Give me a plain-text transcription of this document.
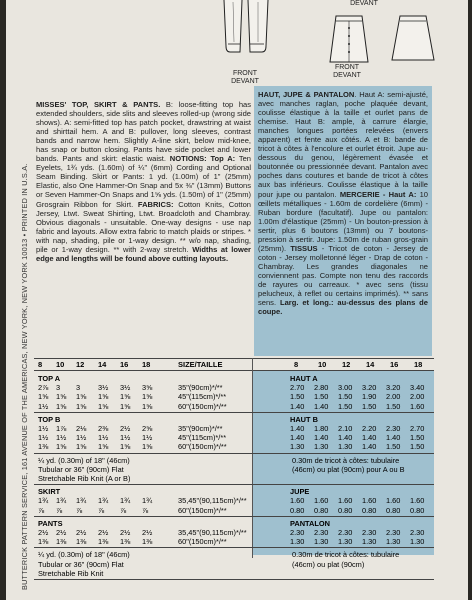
BUTTERICK PATTERN SERVICE, 161 AVENUE OF THE AMERICAS, NEW YORK, NEW YORK 10013 • PRINTED IN U.S.A.
FRONT
DEVANT
DEVANT
FRONT
DEVANT
MISSES' TOP, SKIRT & PANTS. B: loose-fitting top has extended shoulders, side slits and sleeves rolled-up (wrong side shows). A: semi-fitted top has patch pocket, drawstring at waist and shirttail hem. A and B: pullover, long sleeves, contrast bands and narrow hem. Slightly A-line skirt, below mid-knee, has snap or button closing. Pants have side pocket and lower bands. Pants and skirt: elastic waist. NOTIONS: Top A: Ten Eyelets, 1¾ yds. (1.60m) of ¼" (6mm) Cording and Optional Seam Binding. Skirt or Pants: 1 yd. (1.00m) of 1" (25mm) Elastic, also One Hammer-On Snap and 5x ⅜" (13mm) Buttons or Seven Hammer-On Snaps and 1⅝ yds. (1.50m) of 1" (25mm) Grosgrain Ribbon for Skirt. FABRICS: Cotton Knits, Cotton Jersey, Ltwt. Sweat Shirting, Ltwt. Broadcloth and Chambray. Obvious diagonals - unsuitable. One-way designs - use nap fabric and layouts. Allow extra fabric to match plaids or stripes. * with nap, shading, pile or 1-way design. ** w/o nap, shading, pile or 1-way design. ** with 2-way stretch. Widths at lower edge and lengths will be found above cutting layouts.
HAUT, JUPE & PANTALON. Haut A: semi-ajusté, avec manches raglan, poche plaquée devant, coulisse élastique à la taille et ourlet pans de chemise. Haut B: ample, à carrure élargie, manches longues portées relevées (envers apparent) et fente aux côtés. A et B: bande de tricot à côtes à l'encolure et ourlet étroit. Jupe au-dessous du genou, légèrement évasée et boutonnée ou pressionnée devant. Pantalon avec poches dans coutures et bande de tricot à côtes aux bas inférieurs. Coulisse élastique à la taille pour jupe ou pantalon. MERCERIE - Haut A: 10 œillets métalliques - 1.60m de cordelière (6mm) - Ruban bordure (facultatif). Jupe ou pantalon: 1.00m d'élastique (25mm) - Un bouton-pression à sertir, plus 6 boutons (13mm) ou 7 boutons-pression à sertir. Jupe: 1.50m de ruban gros-grain (25mm). TISSUS - Tricot de coton - Jersey de coton - Jersey molletonné léger - Drap de coton - Chambray. Les grandes diagonales ne conviennent pas. Compte non tenu des raccords de rayures ou carreaux. * avec sens (tissu pelucheux, à reflet ou certains imprimés). ** sans sens. Larg. et long.: au-dessus des plans de coupe.
8	8
10	10
12	12
14	14
16	16
18	18
SIZE/TAILLE
TOP A	HAUT A
2⅞ 3 3 3½ 3½ 3⅝	35"(90cm)*/**	2.70 2.80 3.00 3.20 3.20 3.40
1⅝ 1⅝ 1⅝ 1⅝ 1⅝ 1⅝	45"(115cm)*/**	1.50 1.50 1.50 1.90 2.00 2.00
1½ 1⅝ 1⅝ 1⅝ 1⅝ 1⅝	60"(150cm)*/**	1.40 1.40 1.50 1.50 1.50 1.60
TOP B	HAUT B
1½ 1⅞ 2⅛ 2⅜ 2½ 2⅝	35"(90cm)*/**	1.40 1.80 2.10 2.20 2.30 2.70
1½ 1½ 1½ 1½ 1½ 1½	45"(115cm)*/**	1.40 1.40 1.40 1.40 1.40 1.50
1⅜ 1⅝ 1⅝ 1⅝ 1⅝ 1⅝	60"(150cm)*/**	1.30 1.30 1.30 1.40 1.50 1.50
¼ yd. (0.30m) of 18" (46cm)
Tubular or 36" (90cm) Flat
Stretchable Rib Knit (A or B)
0.30m de tricot à côtes: tubulaire
(46cm) ou plat (90cm) pour A ou B
SKIRT	JUPE
1¾ 1¾ 1¾ 1¾ 1¾ 1¾	35,45"(90,115cm)*/**	1.60 1.60 1.60 1.60 1.60 1.60
⅞ ⅞ ⅞ ⅞ ⅞ ⅞	60"(150cm)*/**	0.80 0.80 0.80 0.80 0.80 0.80
PANTS	PANTALON
2½ 2½ 2½ 2½ 2½ 2½	35,45"(90,115cm)*/**	2.30 2.30 2.30 2.30 2.30 2.30
1⅜ 1⅜ 1⅜ 1⅜ 1⅜ 1⅜	60"(150cm)*/**	1.30 1.30 1.30 1.30 1.30 1.30
¼ yd. (0.30m) of 18" (46cm)
Tubular or 36" (90cm) Flat
Stretchable Rib Knit
0.30m de tricot à côtes: tubulaire
(46cm) ou plat (90cm)
